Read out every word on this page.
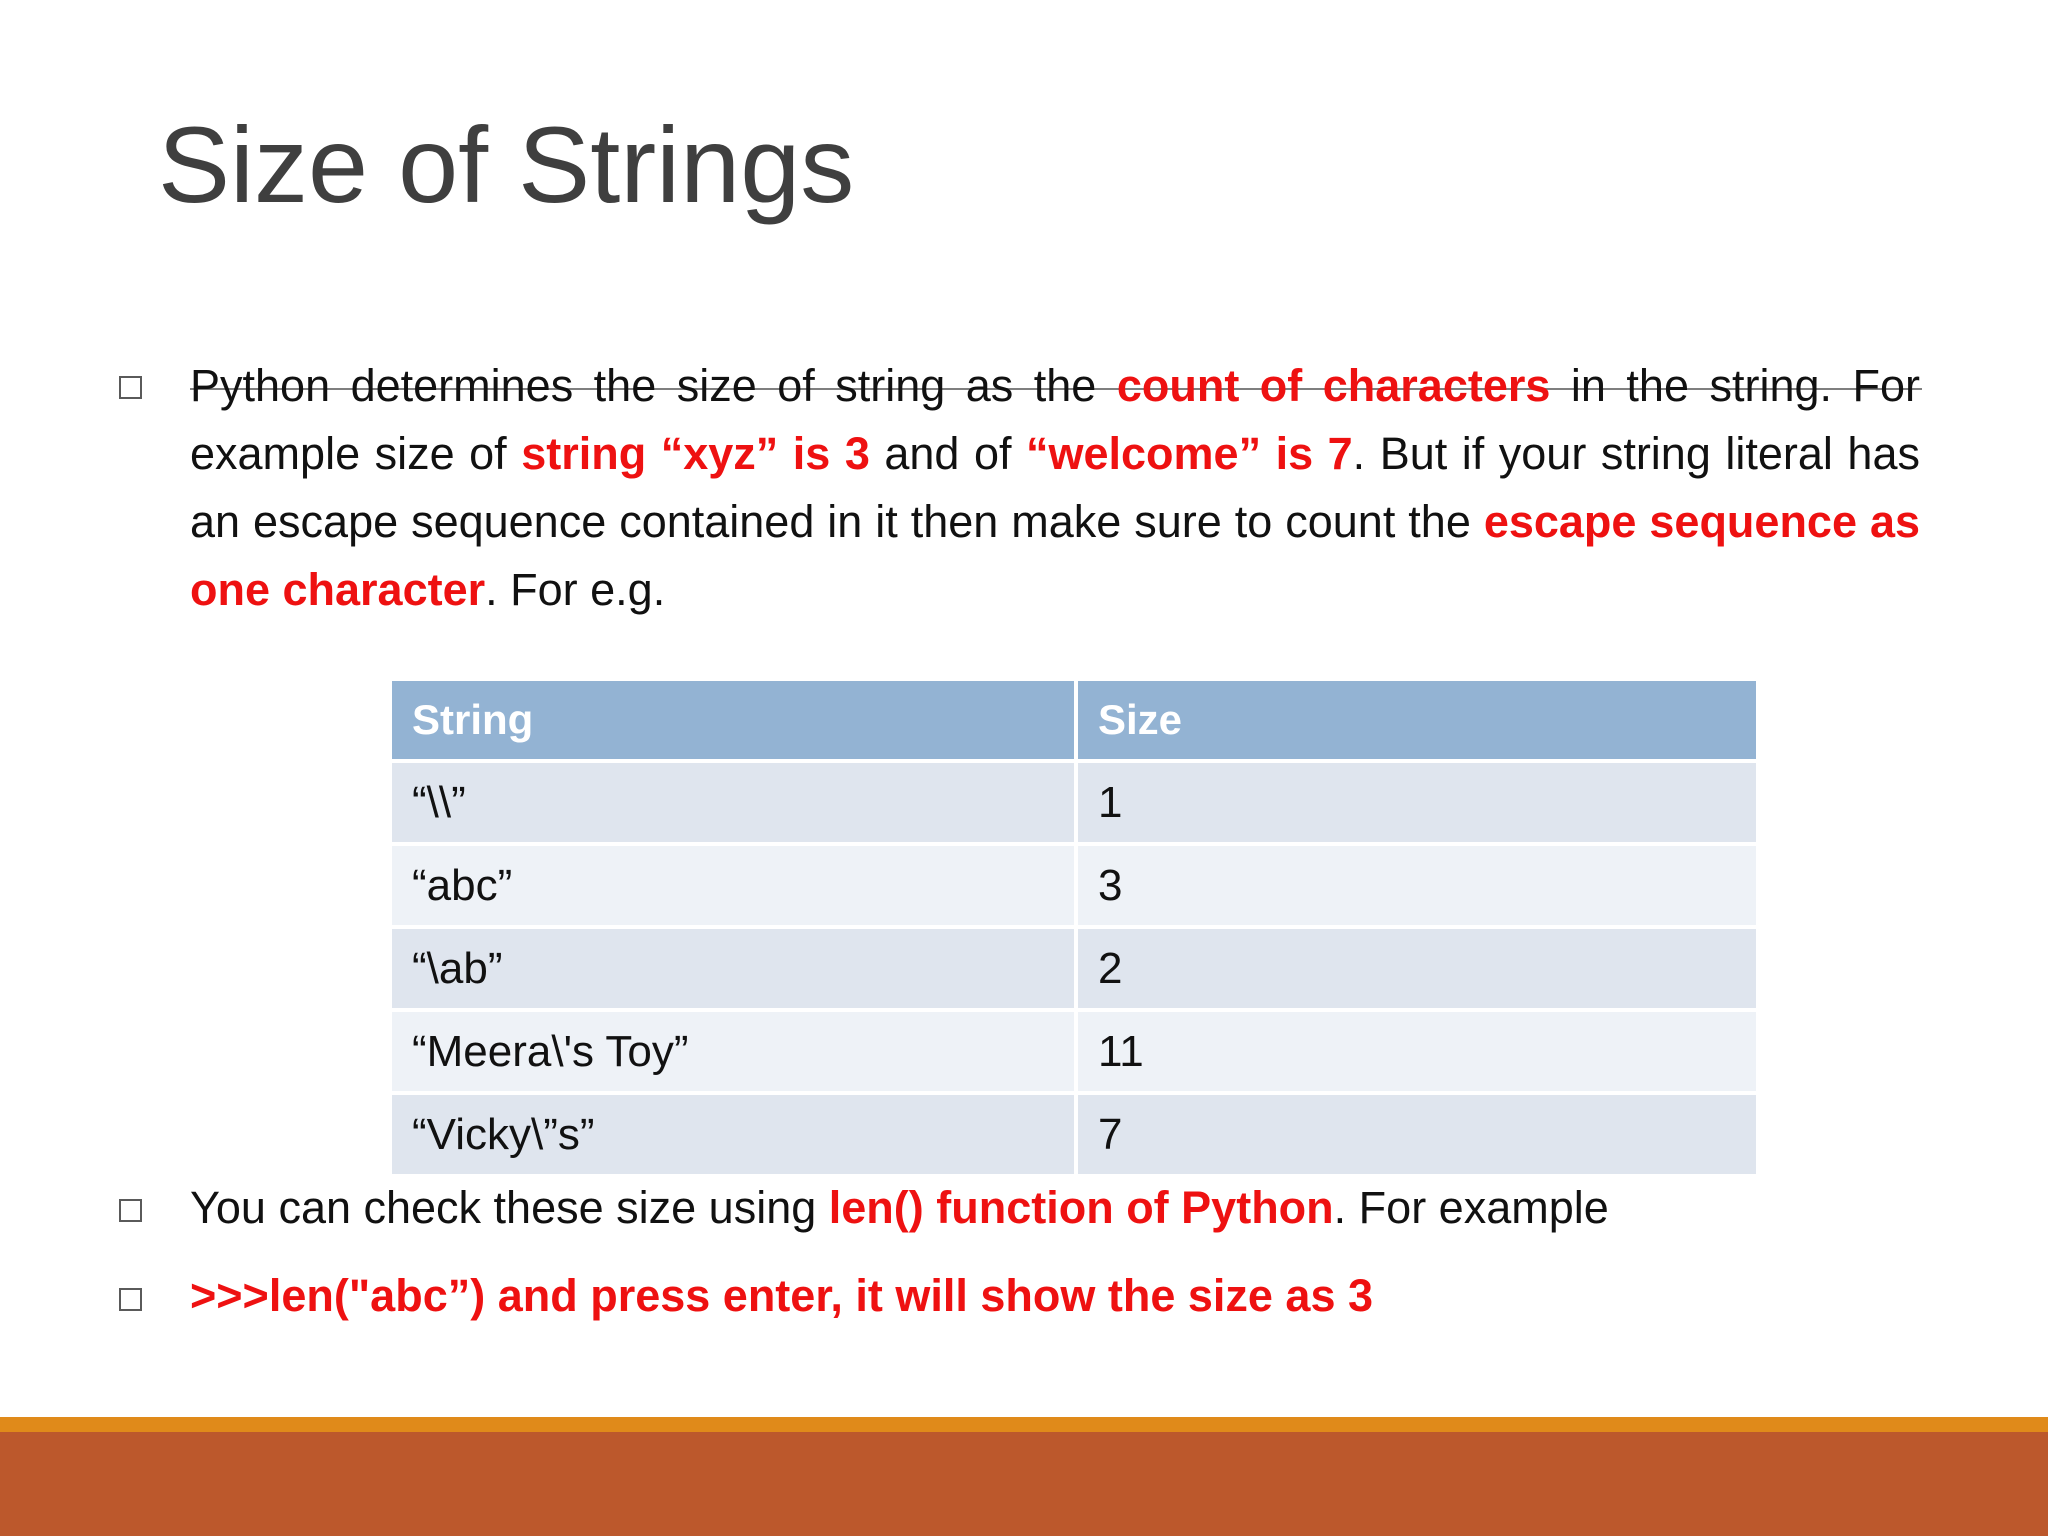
Size of Strings
Python determines the size of string as the count of characters in the string. For example size of string “xyz” is 3 and of “welcome” is 7. But if your string literal has an escape sequence contained in it then make sure to count the escape sequence as one character. For e.g.
String	Size
“\\”	1
“abc”	3
“\ab”	2
“Meera\'s Toy”	11
“Vicky\”s”	7
You can check these size using len() function of Python. For example
>>>len("abc”) and press enter, it will show the size as 3
